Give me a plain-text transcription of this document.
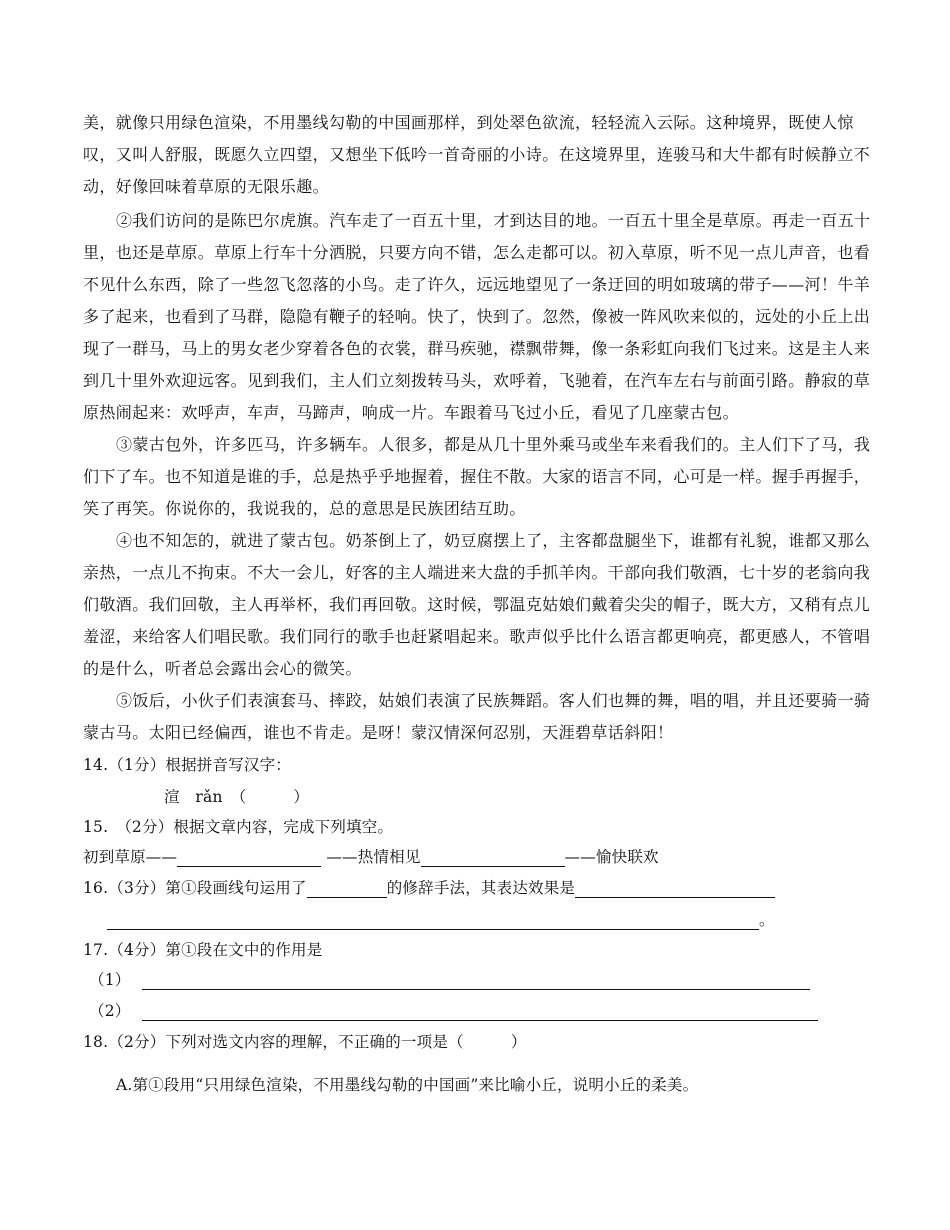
美，就像只用绿色渲染，不用墨线勾勒的中国画那样，到处翠色欲流，轻轻流入云际。这种境界，既使人惊
叹，又叫人舒服，既愿久立四望，又想坐下低吟一首奇丽的小诗。在这境界里，连骏马和大牛都有时候静立不
动，好像回味着草原的无限乐趣。
②我们访问的是陈巴尔虎旗。汽车走了一百五十里，才到达目的地。一百五十里全是草原。再走一百五十
里，也还是草原。草原上行车十分洒脱，只要方向不错，怎么走都可以。初入草原，听不见一点儿声音，也看
不见什么东西，除了一些忽飞忽落的小鸟。走了许久，远远地望见了一条迂回的明如玻璃的带子——河！牛羊
多了起来，也看到了马群，隐隐有鞭子的轻响。快了，快到了。忽然，像被一阵风吹来似的，远处的小丘上出
现了一群马，马上的男女老少穿着各色的衣裳，群马疾驰，襟飘带舞，像一条彩虹向我们飞过来。这是主人来
到几十里外欢迎远客。见到我们，主人们立刻拨转马头，欢呼着，飞驰着，在汽车左右与前面引路。静寂的草
原热闹起来：欢呼声，车声，马蹄声，响成一片。车跟着马飞过小丘，看见了几座蒙古包。
③蒙古包外，许多匹马，许多辆车。人很多，都是从几十里外乘马或坐车来看我们的。主人们下了马，我
们下了车。也不知道是谁的手，总是热乎乎地握着，握住不散。大家的语言不同，心可是一样。握手再握手，
笑了再笑。你说你的，我说我的，总的意思是民族团结互助。
④也不知怎的，就进了蒙古包。奶茶倒上了，奶豆腐摆上了，主客都盘腿坐下，谁都有礼貌，谁都又那么
亲热，一点儿不拘束。不大一会儿，好客的主人端进来大盘的手抓羊肉。干部向我们敬酒，七十岁的老翁向我
们敬酒。我们回敬，主人再举杯，我们再回敬。这时候，鄂温克姑娘们戴着尖尖的帽子，既大方，又稍有点儿
羞涩，来给客人们唱民歌。我们同行的歌手也赶紧唱起来。歌声似乎比什么语言都更响亮，都更感人，不管唱
的是什么，听者总会露出会心的微笑。
⑤饭后，小伙子们表演套马、摔跤，姑娘们表演了民族舞蹈。客人们也舞的舞，唱的唱，并且还要骑一骑
蒙古马。太阳已经偏西，谁也不肯走。是呀！蒙汉情深何忍别，天涯碧草话斜阳！
14.（1分）根据拼音写汉字：
渲　rǎn　（　　　）
15.　（2分）根据文章内容，完成下列填空。
初到草原——	——热情相见	——愉快联欢
16.（3分）第①段画线句运用了	的修辞手法，其表达效果是
。
17.（4分）第①段在文中的作用是
（1）
（2）
18.（2分）下列对选文内容的理解，不正确的一项是（　　　）
A.第①段用“只用绿色渲染，不用墨线勾勒的中国画”来比喻小丘，说明小丘的柔美。
